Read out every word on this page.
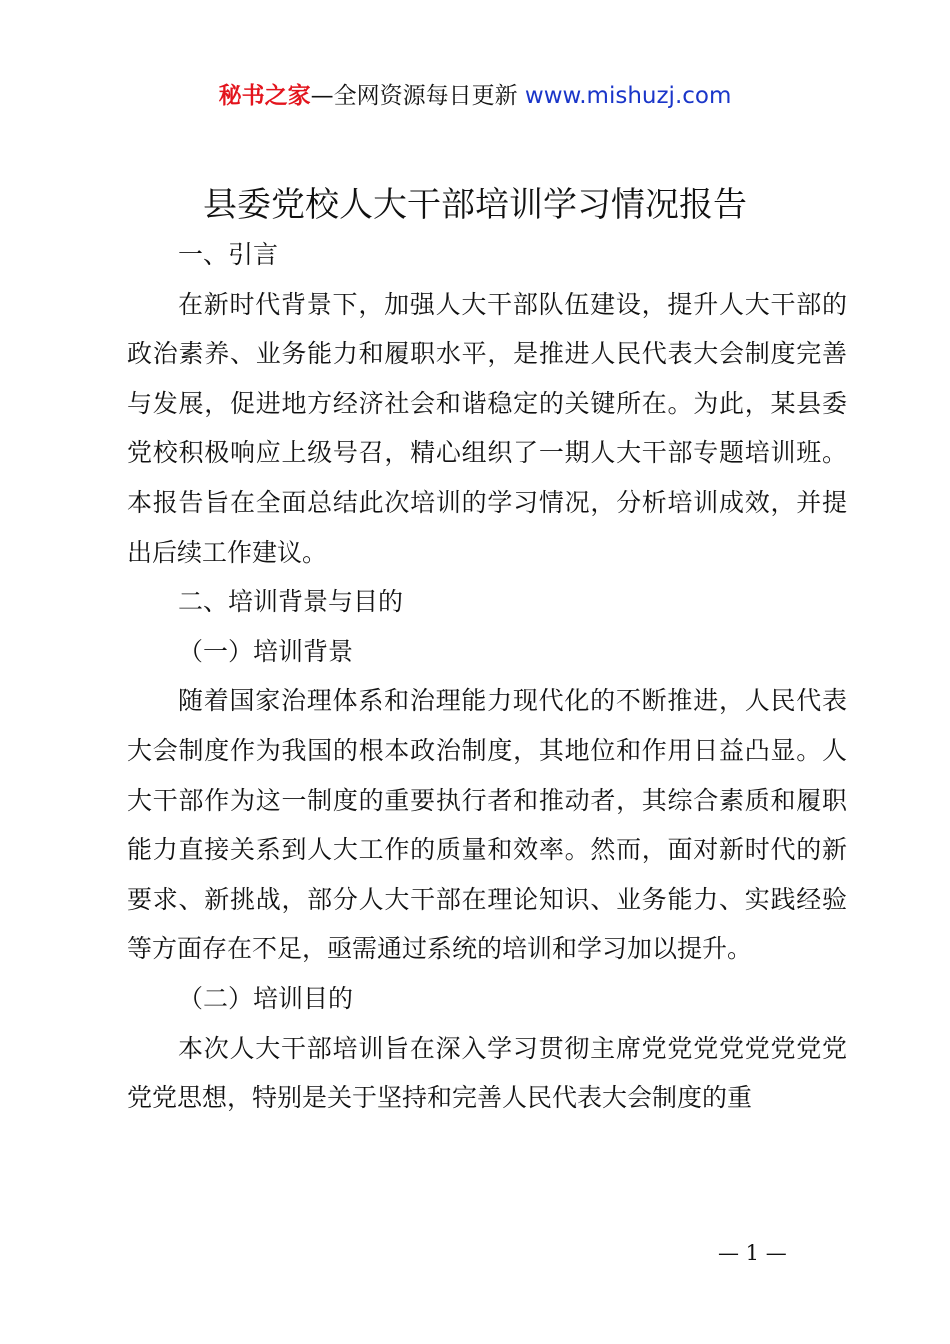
秘书之家—全网资源每日更新 www.mishuzj.com
县委党校人大干部培训学习情况报告

一、引言

在新时代背景下，加强人大干部队伍建设，提升人大干部的政治素养、业务能力和履职水平，是推进人民代表大会制度完善与发展，促进地方经济社会和谐稳定的关键所在。为此，某县委党校积极响应上级号召，精心组织了一期人大干部专题培训班。本报告旨在全面总结此次培训的学习情况，分析培训成效，并提出后续工作建议。

二、培训背景与目的

（一）培训背景

随着国家治理体系和治理能力现代化的不断推进，人民代表大会制度作为我国的根本政治制度，其地位和作用日益凸显。人大干部作为这一制度的重要执行者和推动者，其综合素质和履职能力直接关系到人大工作的质量和效率。然而，面对新时代的新要求、新挑战，部分人大干部在理论知识、业务能力、实践经验等方面存在不足，亟需通过系统的培训和学习加以提升。

（二）培训目的

本次人大干部培训旨在深入学习贯彻主席党党党党党党党党党党思想，特别是关于坚持和完善人民代表大会制度的重

— 1 —
